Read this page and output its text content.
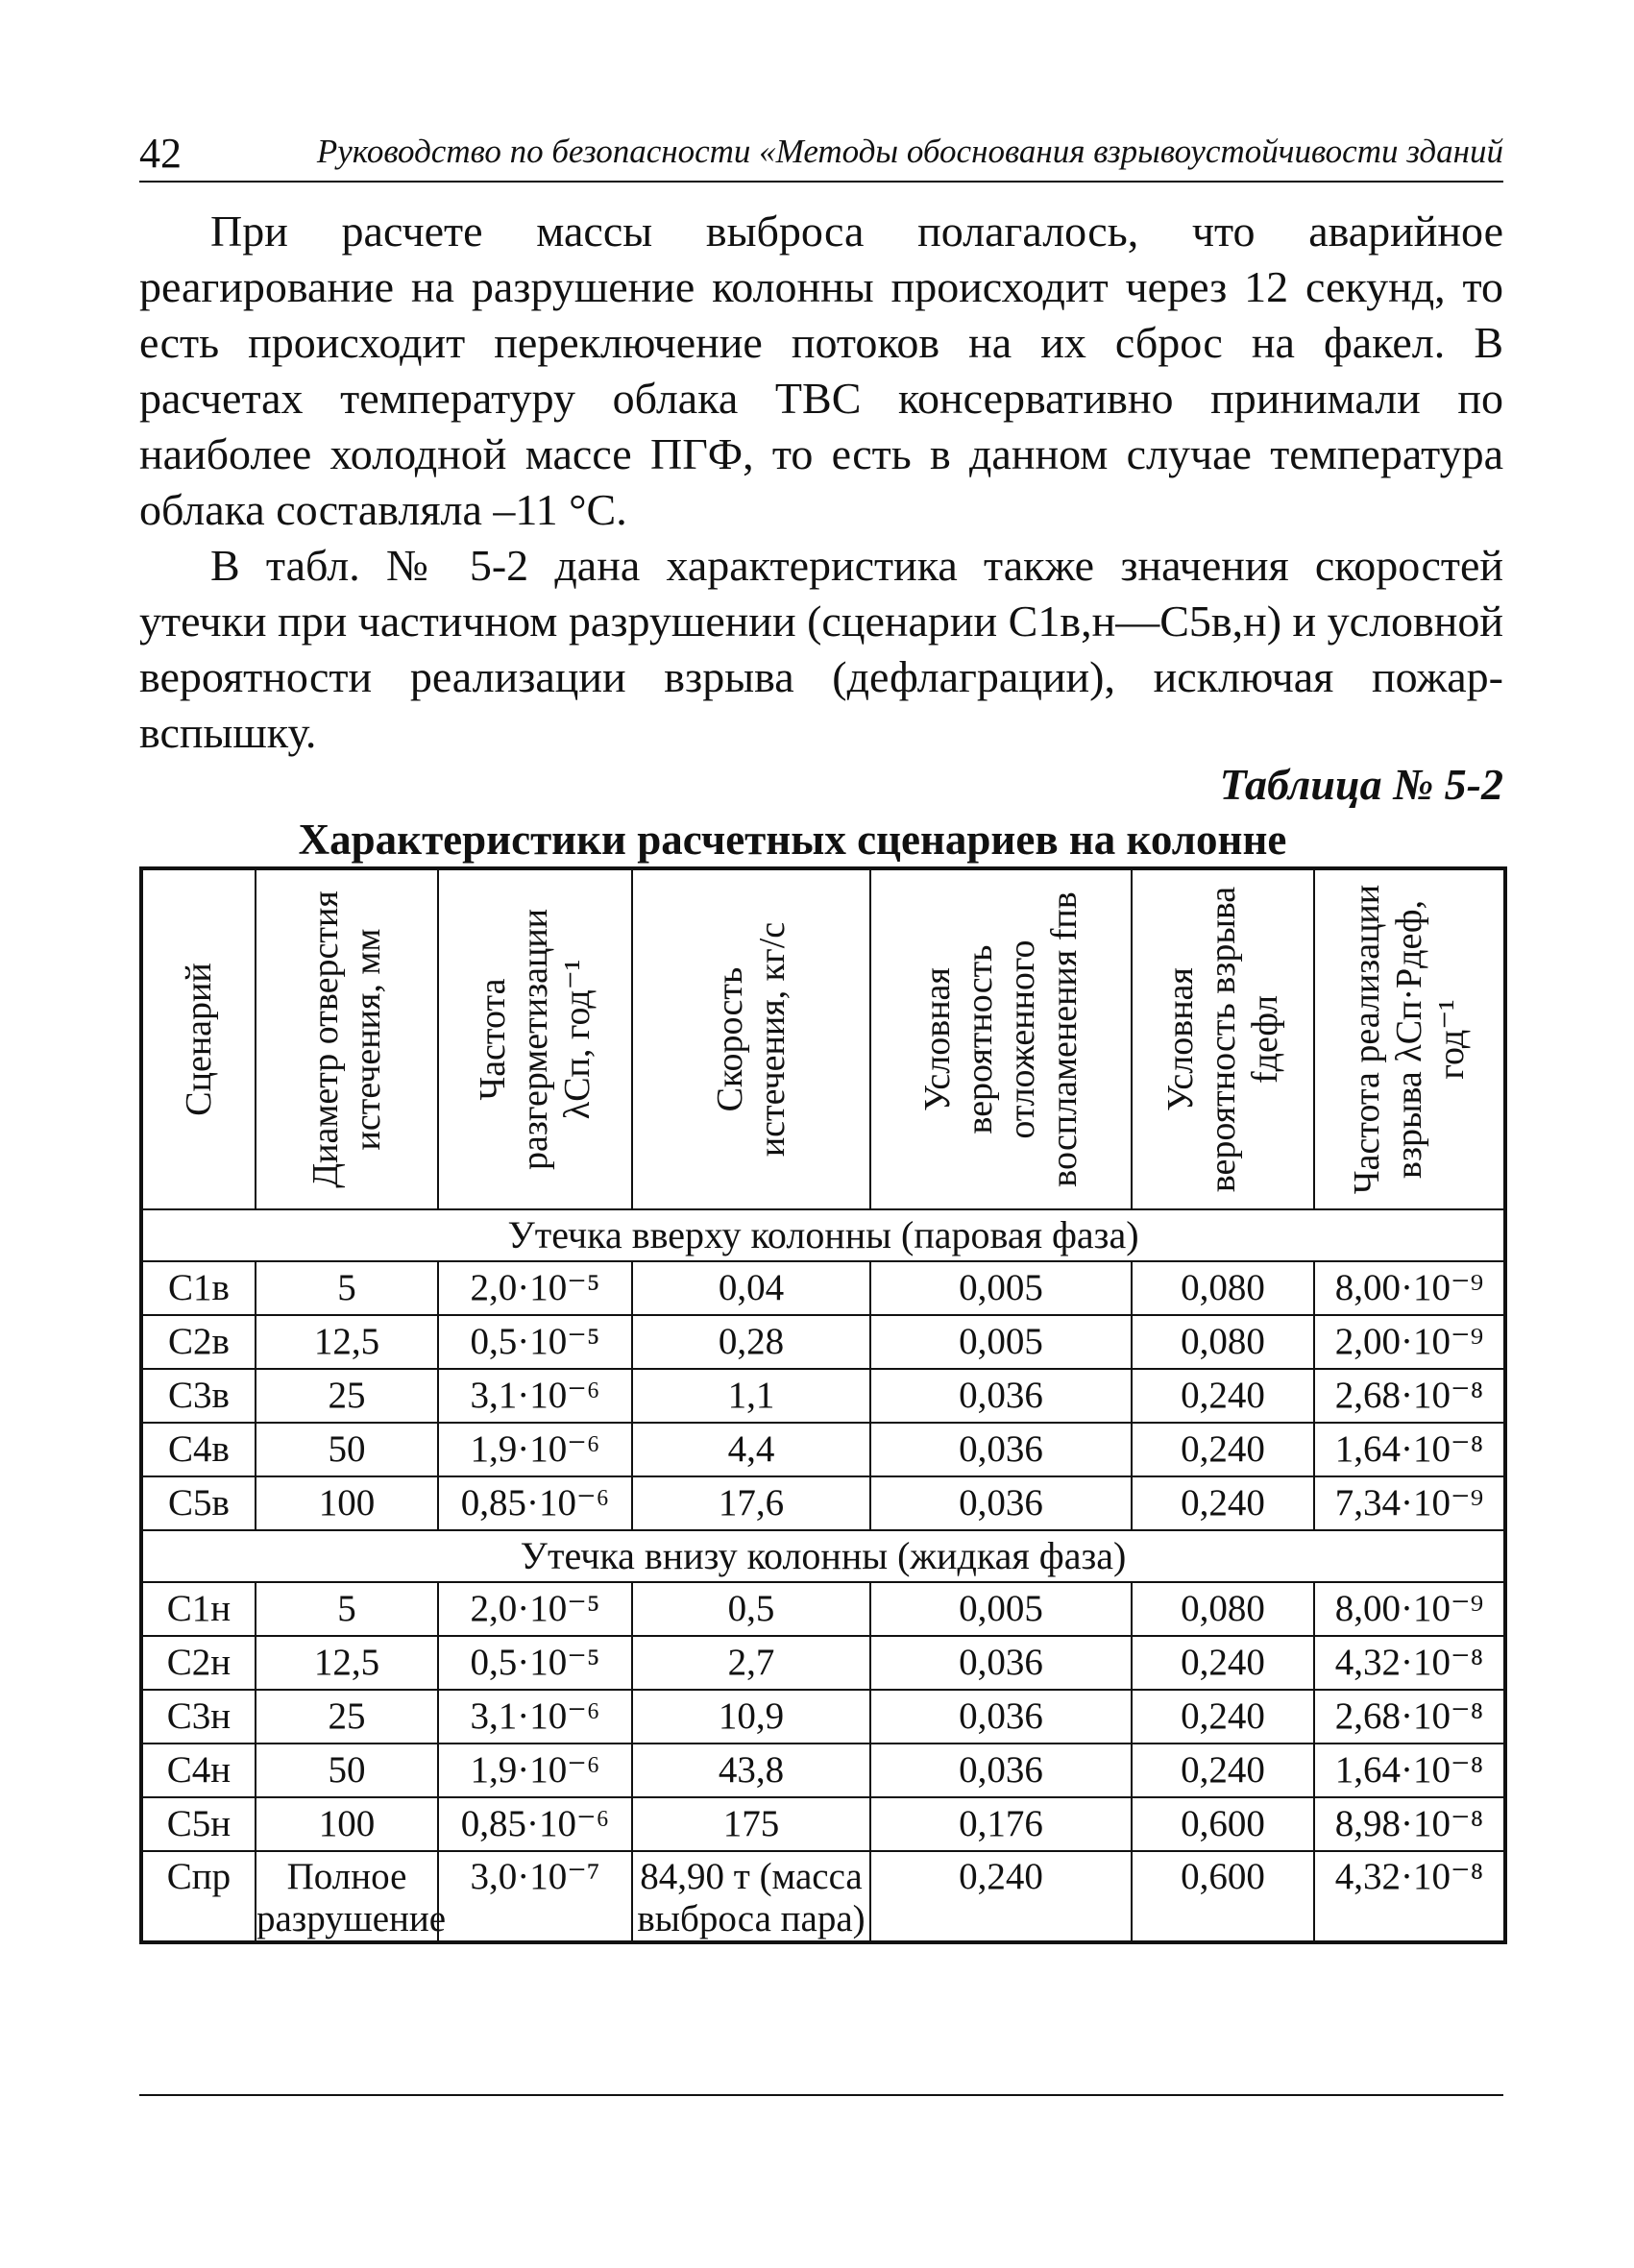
42	Руководство по безопасности «Методы обоснования взрывоустойчивости зданий

При расчете массы выброса полагалось, что аварийное реагирование на разрушение колонны происходит через 12 секунд, то есть происходит переключение потоков на их сброс на факел. В расчетах температуру облака ТВС консервативно принимали по наиболее холодной массе ПГФ, то есть в данном случае температура облака составляла –11 °С.

В табл. № 5-2 дана характеристика также значения скоростей утечки при частичном разрушении (сценарии С1в,н—С5в,н) и условной вероятности реализации взрыва (дефлаграции), исключая пожар-вспышку.

Таблица № 5-2
Характеристики расчетных сценариев на колонне
Сценарий	Диаметр отверстия истечения, мм	Частота разгерметизации λCп, год⁻¹	Скорость истечения, кг/с	Условная вероятность отложенного воспламенения fпв	Условная вероятность взрыва fдефл	Частота реализации взрыва λCп·Pдеф, год⁻¹

Утечка вверху колонны (паровая фаза)						
С1в	5	2,0·10⁻⁵	0,04	0,005	0,080	8,00·10⁻⁹
С2в	12,5	0,5·10⁻⁵	0,28	0,005	0,080	2,00·10⁻⁹
С3в	25	3,1·10⁻⁶	1,1	0,036	0,240	2,68·10⁻⁸
С4в	50	1,9·10⁻⁶	4,4	0,036	0,240	1,64·10⁻⁸
С5в	100	0,85·10⁻⁶	17,6	0,036	0,240	7,34·10⁻⁹
Утечка внизу колонны (жидкая фаза)						
С1н	5	2,0·10⁻⁵	0,5	0,005	0,080	8,00·10⁻⁹
С2н	12,5	0,5·10⁻⁵	2,7	0,036	0,240	4,32·10⁻⁸
С3н	25	3,1·10⁻⁶	10,9	0,036	0,240	2,68·10⁻⁸
С4н	50	1,9·10⁻⁶	43,8	0,036	0,240	1,64·10⁻⁸
С5н	100	0,85·10⁻⁶	175	0,176	0,600	8,98·10⁻⁸
Спр	Полное разрушение	3,0·10⁻⁷	84,90 т (масса выброса пара)	0,240	0,600	4,32·10⁻⁸
